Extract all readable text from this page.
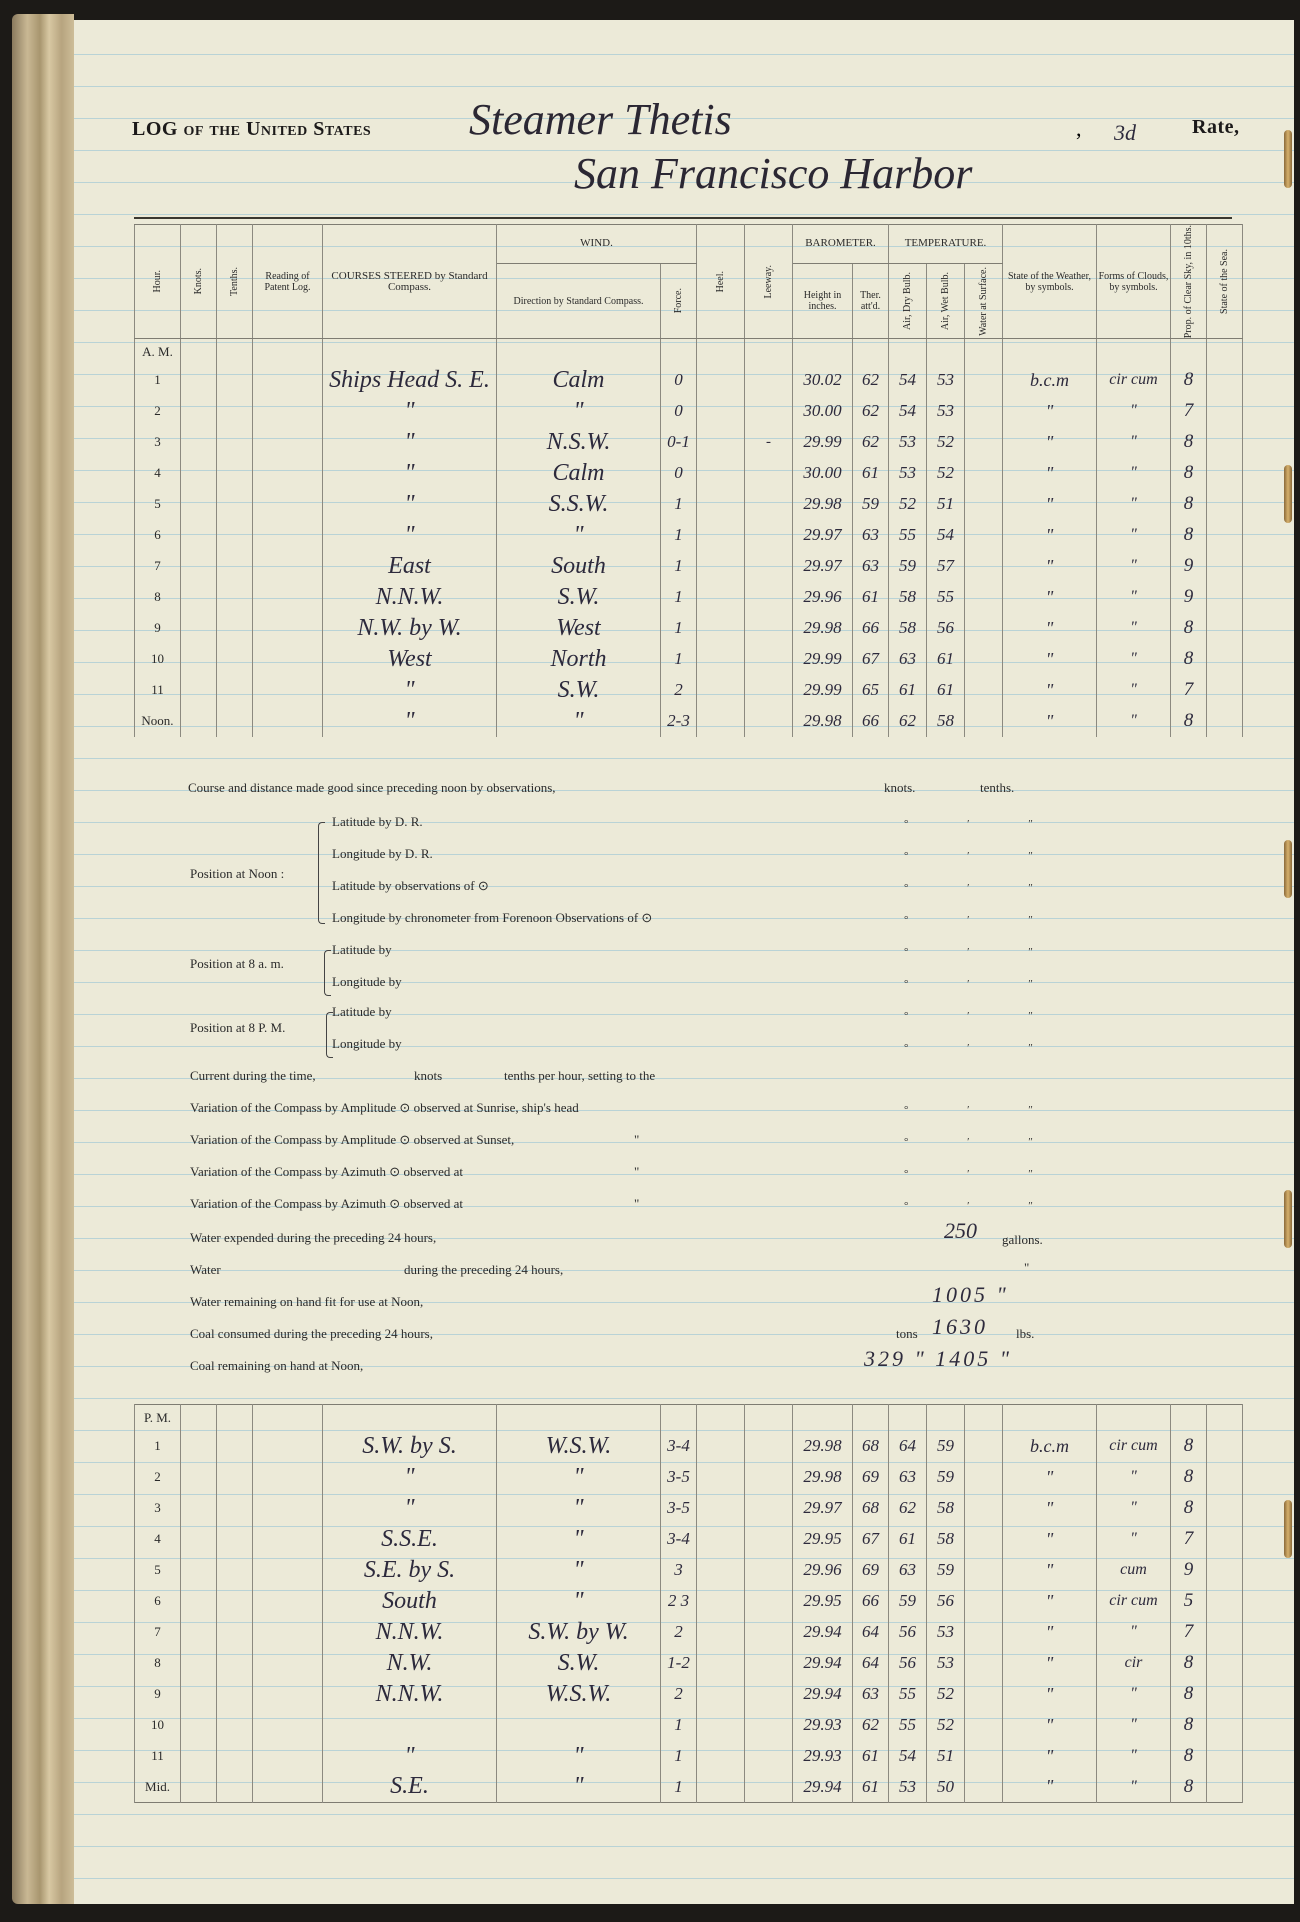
LOG of the United States Steamer Thetis
San Francisco Harbor
, 3d	Rate,
Hour.	Knots.	Tenths.	Reading of Patent Log.	COURSES STEERED by Standard Compass.	WIND.		Heel.	Leeway.	BAROMETER.		TEMPERATURE.			State of the Weather, by symbols.	Forms of Clouds, by symbols.	Prop. of Clear Sky, in 10ths.	State of the Sea.

					Direction by Standard Compass.	Force.			Height in inches.	Ther. att'd.	Air, Dry Bulb.	Air, Wet Bulb.	Water at Surface.				

A. M.																	

1				Ships Head S. E.	Calm	0			30.02	62	54	53		b.c.m	cir cum	8	

2				"	"	0			30.00	62	54	53		"	"	7	

3				"	N.S.W.	0-1		-	29.99	62	53	52		"	"	8	

4				"	Calm	0			30.00	61	53	52		"	"	8	

5				"	S.S.W.	1			29.98	59	52	51		"	"	8	

6				"	"	1			29.97	63	55	54		"	"	8	

7				East	South	1			29.97	63	59	57		"	"	9	

8				N.N.W.	S.W.	1			29.96	61	58	55		"	"	9	

9				N.W. by W.	West	1			29.98	66	58	56		"	"	8	

10				West	North	1			29.99	67	63	61		"	"	8	

11				"	S.W.	2			29.99	65	61	61		"	"	7	

Noon.				"	"	2-3			29.98	66	62	58		"	"	8	

Course and distance made good since preceding noon by observations,	knots.	tenths.
Position at Noon :
Latitude by D. R.
Longitude by D. R.
Latitude by observations of ⊙
Longitude by chronometer from Forenoon Observations of ⊙
Position at 8 a. m.
Latitude by
Longitude by
Position at 8 P. M.
Latitude by
Longitude by
Current during the time,	knots	tenths per hour, setting to the
Variation of the Compass by Amplitude ⊙ observed at Sunrise, ship's head
Variation of the Compass by Amplitude ⊙ observed at Sunset,	"
Variation of the Compass by Azimuth ⊙ observed at	"
Variation of the Compass by Azimuth ⊙ observed at	"
° ′ ″
° ′ ″
° ′ ″
° ′ ″
° ′ ″
° ′ ″
° ′ ″
° ′ ″
° ′ ″
° ′ ″
° ′ ″
° ′ ″
Water expended during the preceding 24 hours,	250 gallons.
Water	during the preceding 24 hours,	"
Water remaining on hand fit for use at Noon,	1005 "
Coal consumed during the preceding 24 hours,	tons 1630 lbs.
Coal remaining on hand at Noon,	329 " 1405 "
P. M.																	

1				S.W. by S.	W.S.W.	3-4			29.98	68	64	59		b.c.m	cir cum	8	

2				"	"	3-5			29.98	69	63	59		"	"	8	

3				"	"	3-5			29.97	68	62	58		"	"	8	

4				S.S.E.	"	3-4			29.95	67	61	58		"	"	7	

5				S.E. by S.	"	3			29.96	69	63	59		"	cum	9	

6				South	"	2 3			29.95	66	59	56		"	cir cum	5	

7				N.N.W.	S.W. by W.	2			29.94	64	56	53		"	"	7	

8				N.W.	S.W.	1-2			29.94	64	56	53		"	cir	8	

9				N.N.W.	W.S.W.	2			29.94	63	55	52		"	"	8	

10						1			29.93	62	55	52		"	"	8	

11				"	"	1			29.93	61	54	51		"	"	8	

Mid.				S.E.	"	1			29.94	61	53	50		"	"	8	
